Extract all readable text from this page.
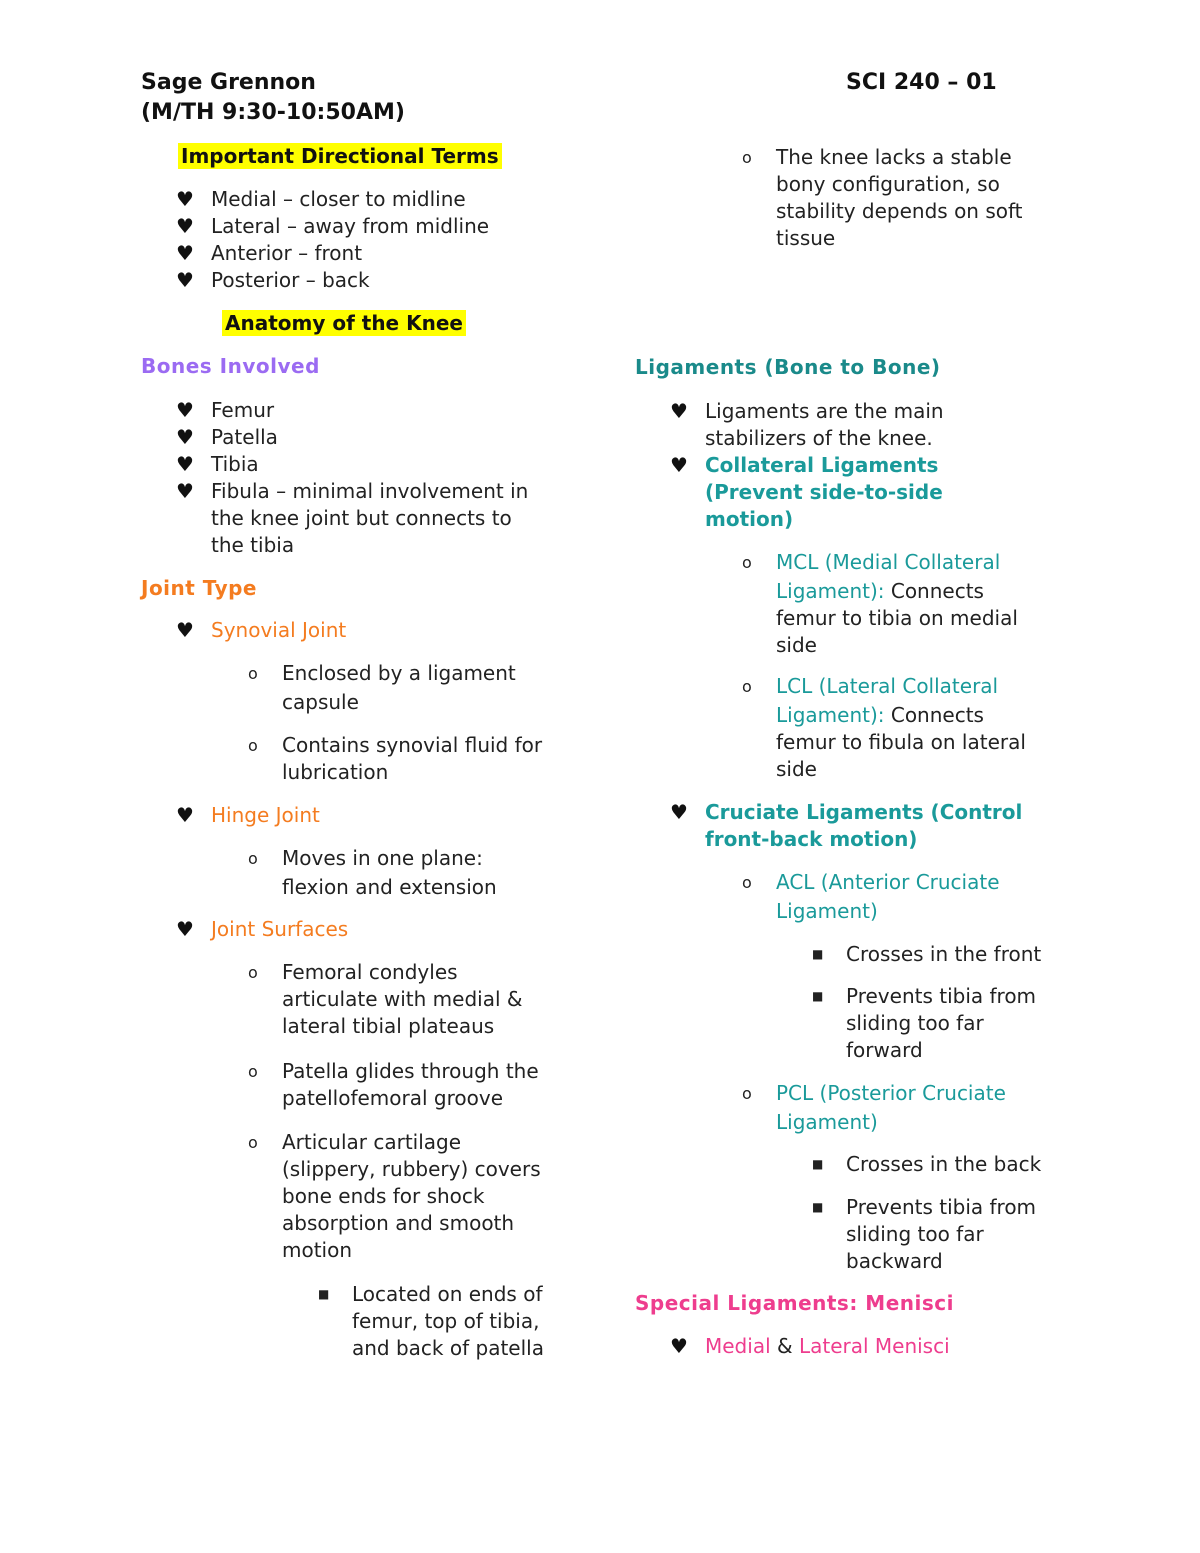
Sage Grennon
(M/TH 9:30-10:50AM)
SCI 240 – 01
Important Directional Terms
♥ Medial – closer to midline
♥ Lateral – away from midline
♥ Anterior – front
♥ Posterior – back
Anatomy of the Knee
Bones Involved
♥ Femur
♥ Patella
♥ Tibia
♥ Fibula – minimal involvement in
the knee joint but connects to
the tibia
Joint Type
♥ Synovial Joint
o	Enclosed by a ligament
capsule
o	Contains synovial fluid for
lubrication
♥ Hinge Joint
o	Moves in one plane:
flexion and extension
♥ Joint Surfaces
o	Femoral condyles
articulate with medial &
lateral tibial plateaus
o	Patella glides through the
patellofemoral groove
o	Articular cartilage
(slippery, rubbery) covers
bone ends for shock
absorption and smooth
motion
■	Located on ends of
femur, top of tibia,
and back of patella
o	The knee lacks a stable
bony configuration, so
stability depends on soft
tissue
Ligaments (Bone to Bone)
♥ Ligaments are the main
stabilizers of the knee.
♥ Collateral Ligaments
(Prevent side-to-side
motion)
o	MCL (Medial Collateral
Ligament): Connects
femur to tibia on medial
side
o	LCL (Lateral Collateral
Ligament): Connects
femur to fibula on lateral
side
♥ Cruciate Ligaments (Control
front-back motion)
o	ACL (Anterior Cruciate
Ligament)
■	Crosses in the front
■	Prevents tibia from
sliding too far
forward
o	PCL (Posterior Cruciate
Ligament)
■	Crosses in the back
■	Prevents tibia from
sliding too far
backward
Special Ligaments: Menisci
♥ Medial & Lateral Menisci
